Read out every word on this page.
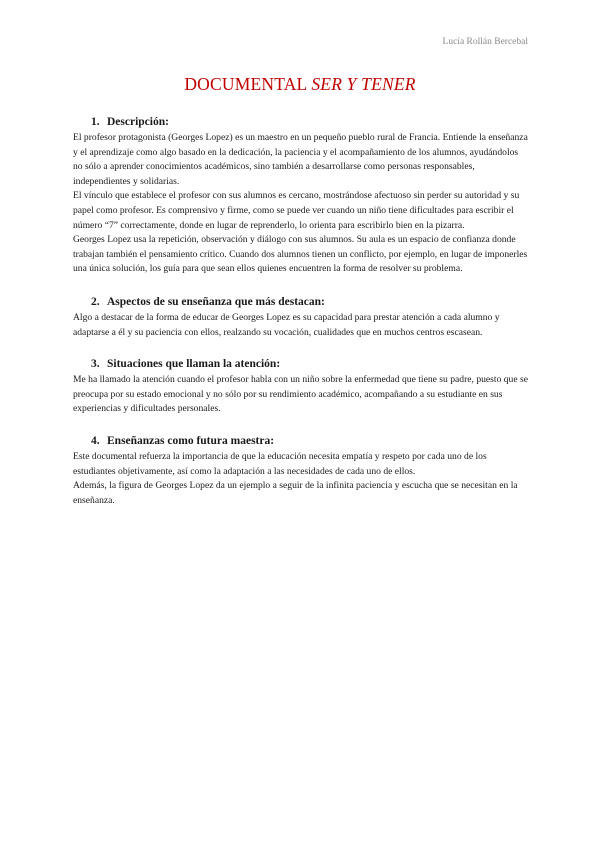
Lucía Rollán Bercebal
DOCUMENTAL SER Y TENER
1. Descripción:

El profesor protagonista (Georges Lopez) es un maestro en un pequeño pueblo rural de Francia. Entiende la enseñanza y el aprendizaje como algo basado en la dedicación, la paciencia y el acompañamiento de los alumnos, ayudándolos no sólo a aprender conocimientos académicos, sino también a desarrollarse como personas responsables, independientes y solidarias.

El vínculo que establece el profesor con sus alumnos es cercano, mostrándose afectuoso sin perder su autoridad y su papel como profesor. Es comprensivo y firme, como se puede ver cuando un niño tiene dificultades para escribir el número “7” correctamente, donde en lugar de reprenderlo, lo orienta para escribirlo bien en la pizarra.

Georges Lopez usa la repetición, observación y diálogo con sus alumnos. Su aula es un espacio de confianza donde trabajan también el pensamiento crítico. Cuando dos alumnos tienen un conflicto, por ejemplo, en lugar de imponerles una única solución, los guía para que sean ellos quienes encuentren la forma de resolver su problema.

2. Aspectos de su enseñanza que más destacan:

Algo a destacar de la forma de educar de Georges Lopez es su capacidad para prestar atención a cada alumno y adaptarse a él y su paciencia con ellos, realzando su vocación, cualidades que en muchos centros escasean.

3. Situaciones que llaman la atención:

Me ha llamado la atención cuando el profesor habla con un niño sobre la enfermedad que tiene su padre, puesto que se preocupa por su estado emocional y no sólo por su rendimiento académico, acompañando a su estudiante en sus experiencias y dificultades personales.

4. Enseñanzas como futura maestra:

Este documental refuerza la importancia de que la educación necesita empatía y respeto por cada uno de los estudiantes objetivamente, así como la adaptación a las necesidades de cada uno de ellos.

Además, la figura de Georges Lopez da un ejemplo a seguir de la infinita paciencia y escucha que se necesitan en la enseñanza.
